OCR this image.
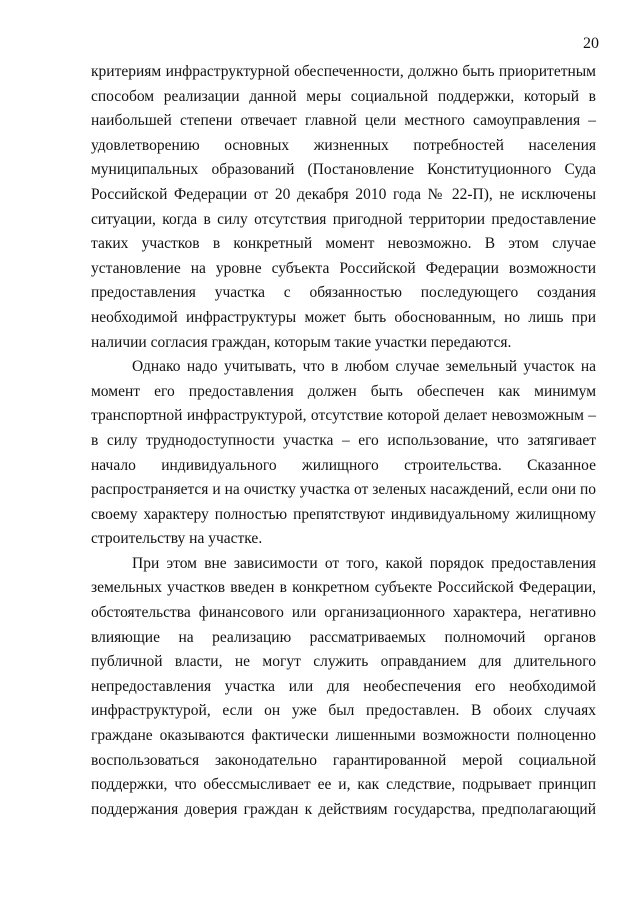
20

критериям инфраструктурной обеспеченности, должно быть приоритетным способом реализации данной меры социальной поддержки, который в наибольшей степени отвечает главной цели местного самоуправления – удовлетворению основных жизненных потребностей населения муниципальных образований (Постановление Конституционного Суда Российской Федерации от 20 декабря 2010 года № 22-П), не исключены ситуации, когда в силу отсутствия пригодной территории предоставление таких участков в конкретный момент невозможно. В этом случае установление на уровне субъекта Российской Федерации возможности предоставления участка с обязанностью последующего создания необходимой инфраструктуры может быть обоснованным, но лишь при наличии согласия граждан, которым такие участки передаются.

Однако надо учитывать, что в любом случае земельный участок на момент его предоставления должен быть обеспечен как минимум транспортной инфраструктурой, отсутствие которой делает невозможным – в силу труднодоступности участка – его использование, что затягивает начало индивидуального жилищного строительства. Сказанное распространяется и на очистку участка от зеленых насаждений, если они по своему характеру полностью препятствуют индивидуальному жилищному строительству на участке.

При этом вне зависимости от того, какой порядок предоставления земельных участков введен в конкретном субъекте Российской Федерации, обстоятельства финансового или организационного характера, негативно влияющие на реализацию рассматриваемых полномочий органов публичной власти, не могут служить оправданием для длительного непредоставления участка или для необеспечения его необходимой инфраструктурой, если он уже был предоставлен. В обоих случаях граждане оказываются фактически лишенными возможности полноценно воспользоваться законодательно гарантированной мерой социальной поддержки, что обессмысливает ее и, как следствие, подрывает принцип поддержания доверия граждан к действиям государства, предполагающий
